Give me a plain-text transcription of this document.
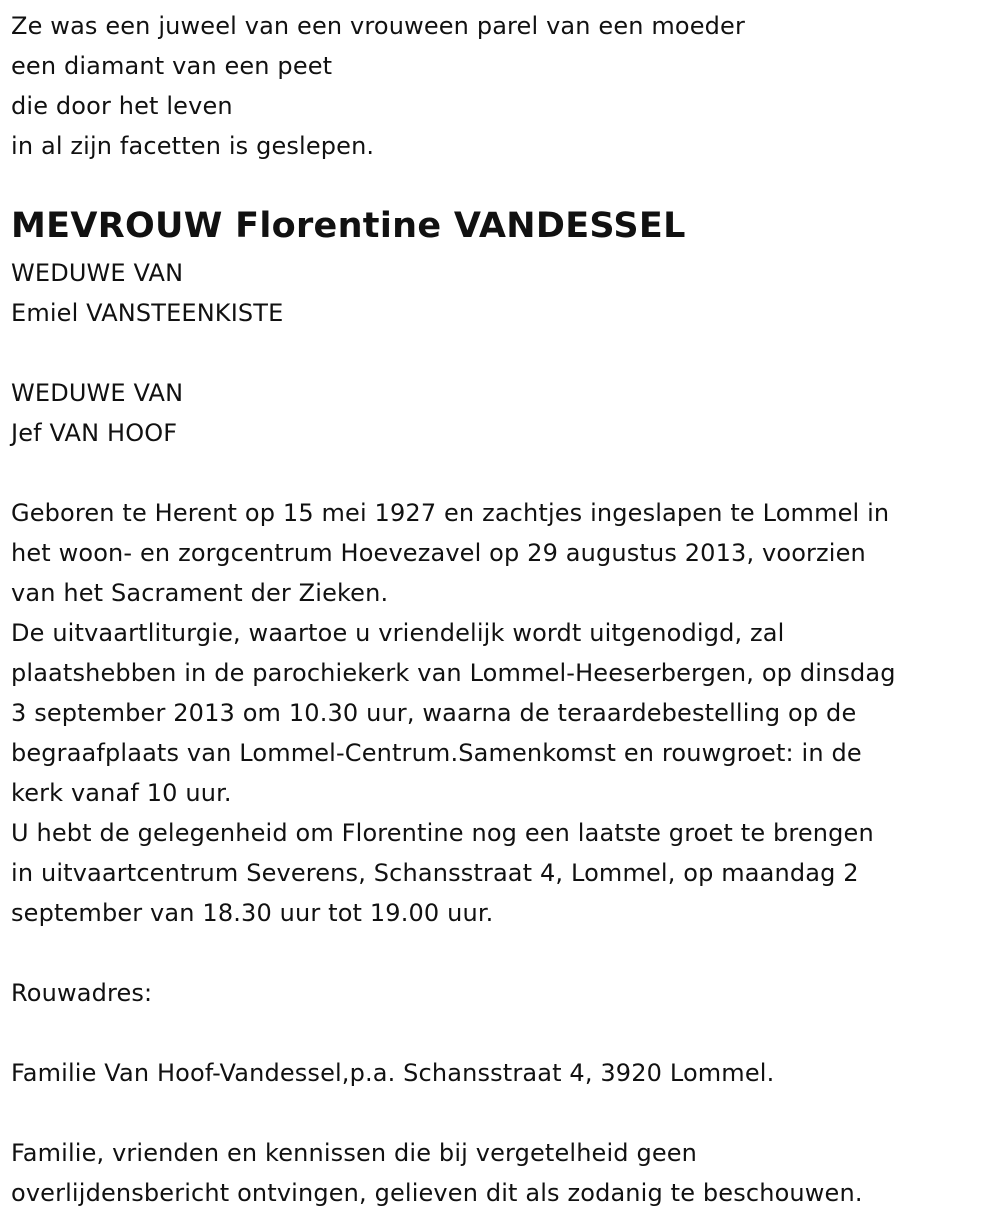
Ze was een juweel van een vrouween parel van een moeder
een diamant van een peet
die door het leven
in al zijn facetten is geslepen.
MEVROUW Florentine VANDESSEL
WEDUWE VAN
Emiel VANSTEENKISTE
WEDUWE VAN
Jef VAN HOOF
Geboren te Herent op 15 mei 1927 en zachtjes ingeslapen te Lommel in
het woon- en zorgcentrum Hoevezavel op 29 augustus 2013, voorzien
van het Sacrament der Zieken.
De uitvaartliturgie, waartoe u vriendelijk wordt uitgenodigd, zal
plaatshebben in de parochiekerk van Lommel-Heeserbergen, op dinsdag
3 september 2013 om 10.30 uur, waarna de teraardebestelling op de
begraafplaats van Lommel-Centrum.Samenkomst en rouwgroet: in de
kerk vanaf 10 uur.
U hebt de gelegenheid om Florentine nog een laatste groet te brengen
in uitvaartcentrum Severens, Schansstraat 4, Lommel, op maandag 2
september van 18.30 uur tot 19.00 uur.
Rouwadres:
Familie Van Hoof-Vandessel,p.a. Schansstraat 4, 3920 Lommel.
Familie, vrienden en kennissen die bij vergetelheid geen
overlijdensbericht ontvingen, gelieven dit als zodanig te beschouwen.
